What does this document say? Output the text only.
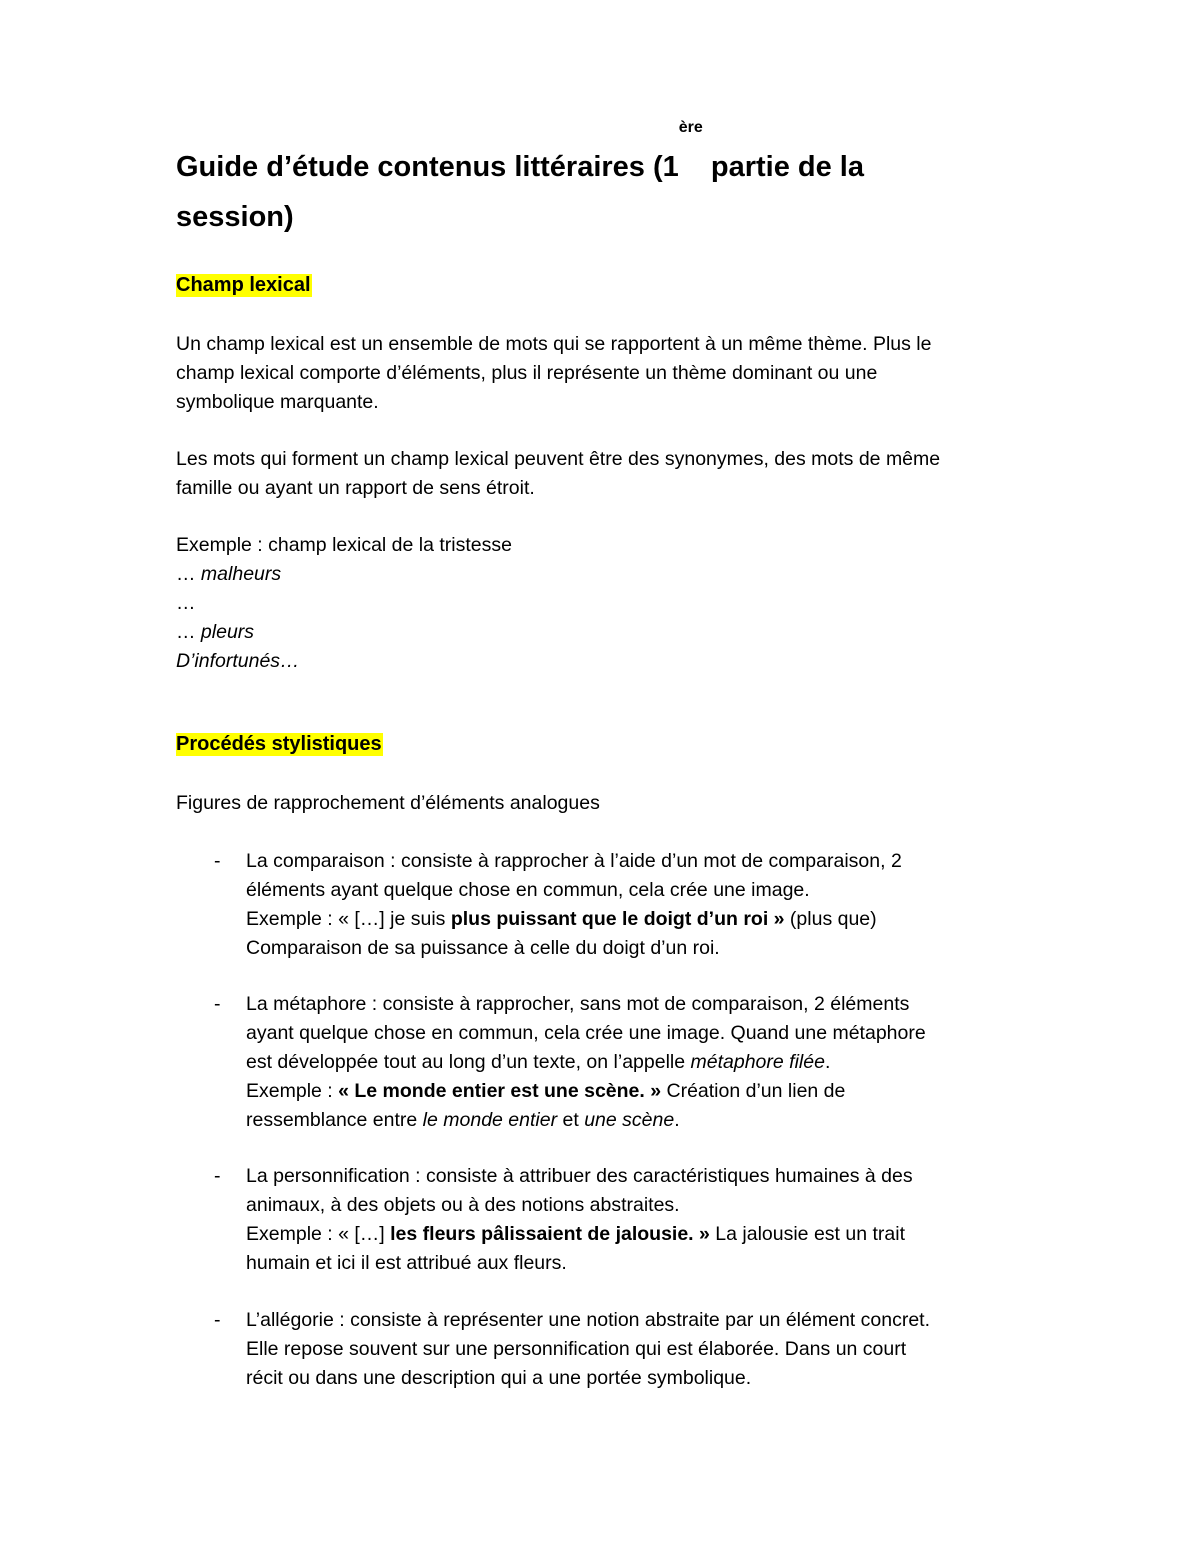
Guide d’étude contenus littéraires (1ère partie de la
session)
Champ lexical
Un champ lexical est un ensemble de mots qui se rapportent à un même thème. Plus le
champ lexical comporte d’éléments, plus il représente un thème dominant ou une
symbolique marquante.
Les mots qui forment un champ lexical peuvent être des synonymes, des mots de même
famille ou ayant un rapport de sens étroit.
Exemple : champ lexical de la tristesse
… malheurs
…
… pleurs
D’infortunés…
Procédés stylistiques
Figures de rapprochement d’éléments analogues
- La comparaison : consiste à rapprocher à l’aide d’un mot de comparaison, 2
éléments ayant quelque chose en commun, cela crée une image.
Exemple : « […] je suis plus puissant que le doigt d’un roi » (plus que)
Comparaison de sa puissance à celle du doigt d’un roi.
- La métaphore : consiste à rapprocher, sans mot de comparaison, 2 éléments
ayant quelque chose en commun, cela crée une image. Quand une métaphore
est développée tout au long d’un texte, on l’appelle métaphore filée.
Exemple : « Le monde entier est une scène. » Création d’un lien de
ressemblance entre le monde entier et une scène.
- La personnification : consiste à attribuer des caractéristiques humaines à des
animaux, à des objets ou à des notions abstraites.
Exemple : « […] les fleurs pâlissaient de jalousie. » La jalousie est un trait
humain et ici il est attribué aux fleurs.
- L’allégorie : consiste à représenter une notion abstraite par un élément concret.
Elle repose souvent sur une personnification qui est élaborée. Dans un court
récit ou dans une description qui a une portée symbolique.
